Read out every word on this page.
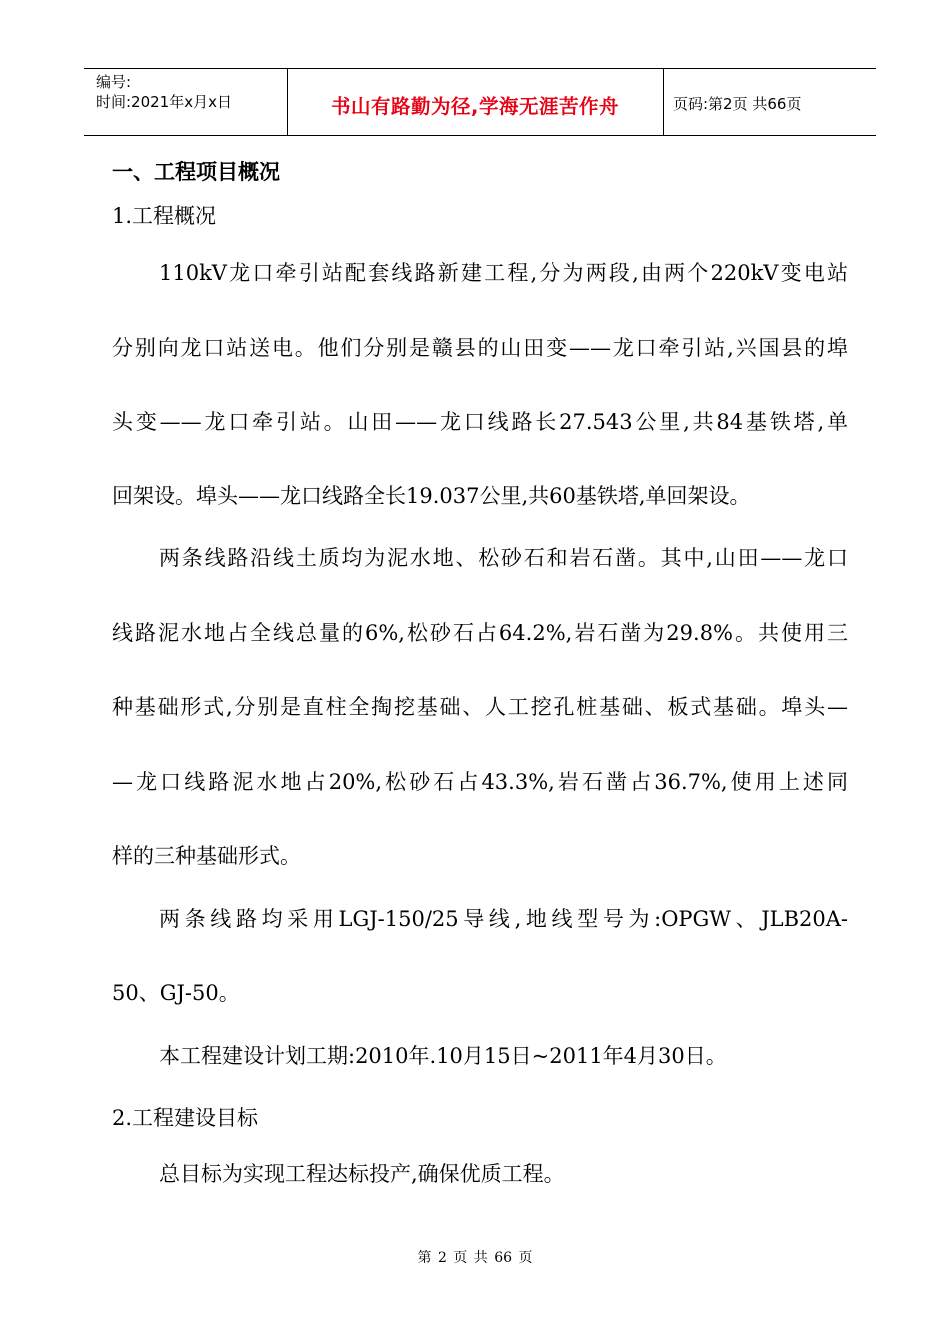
编号:
时间:2021年x月x日	书山有路勤为径,学海无涯苦作舟	页码:第2页 共66页
一、工程项目概况
1.工程概况
110kV龙口牵引站配套线路新建工程,分为两段,由两个220kV变电站
分别向龙口站送电。他们分别是赣县的山田变——龙口牵引站,兴国县的埠
头变——龙口牵引站。山田——龙口线路长27.543公里,共84基铁塔,单
回架设。埠头——龙口线路全长19.037公里,共60基铁塔,单回架设。
两条线路沿线土质均为泥水地、松砂石和岩石凿。其中,山田——龙口
线路泥水地占全线总量的6%,松砂石占64.2%,岩石凿为29.8%。共使用三
种基础形式,分别是直柱全掏挖基础、人工挖孔桩基础、板式基础。埠头—
—龙口线路泥水地占20%,松砂石占43.3%,岩石凿占36.7%,使用上述同
样的三种基础形式。
两条线路均采用LGJ-150/25导线,地线型号为:OPGW、JLB20A-
50、GJ-50。
本工程建设计划工期:2010年.10月15日~2011年4月30日。
2.工程建设目标
总目标为实现工程达标投产,确保优质工程。
第 2 页 共 66 页
